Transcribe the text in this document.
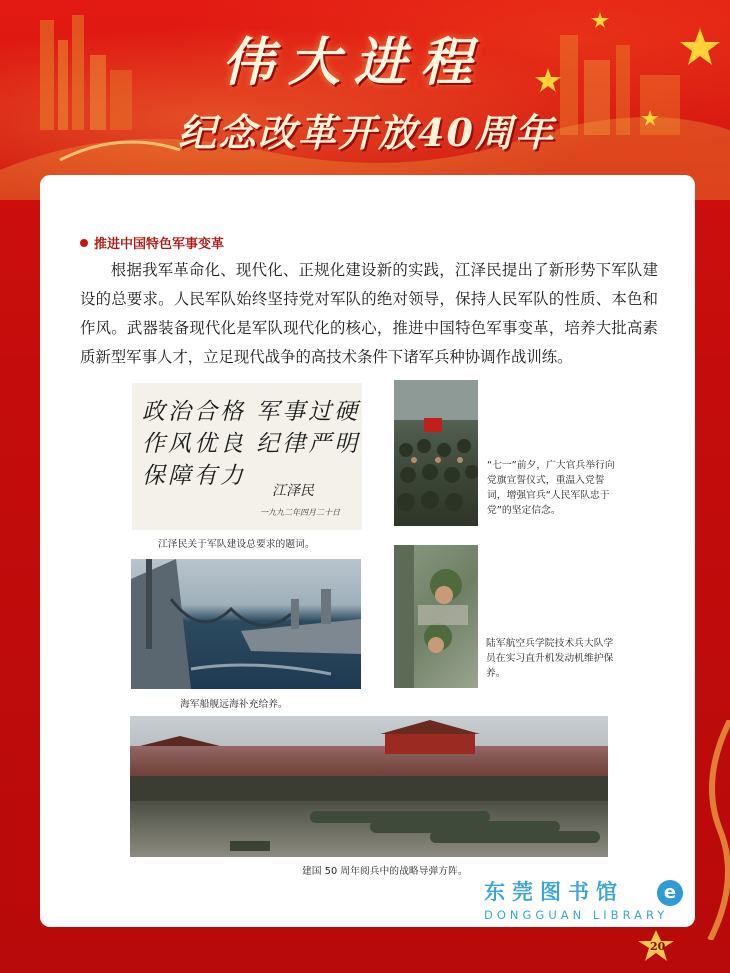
伟大进程
纪念改革开放40周年
推进中国特色军事变革
根据我军革命化、现代化、正规化建设新的实践，江泽民提出了新形势下军队建设的总要求。人民军队始终坚持党对军队的绝对领导，保持人民军队的性质、本色和作风。武器装备现代化是军队现代化的核心，推进中国特色军事变革，培养大批高素质新型军事人才，立足现代战争的高技术条件下诸军兵种协调作战训练。
政治合格 军事过硬
作风优良 纪律严明
保障有力
江泽民
一九九二年四月二十日
江泽民关于军队建设总要求的题词。
“七一”前夕，广大官兵举行向党旗宣誓仪式，重温入党誓词，增强官兵“人民军队忠于党”的坚定信念。
海军船舰远海补充给养。
陆军航空兵学院技术兵大队学员在实习直升机发动机维护保养。
建国 50 周年阅兵中的战略导弹方阵。
东莞图书馆
DONGGUAN LIBRARY
e
20
